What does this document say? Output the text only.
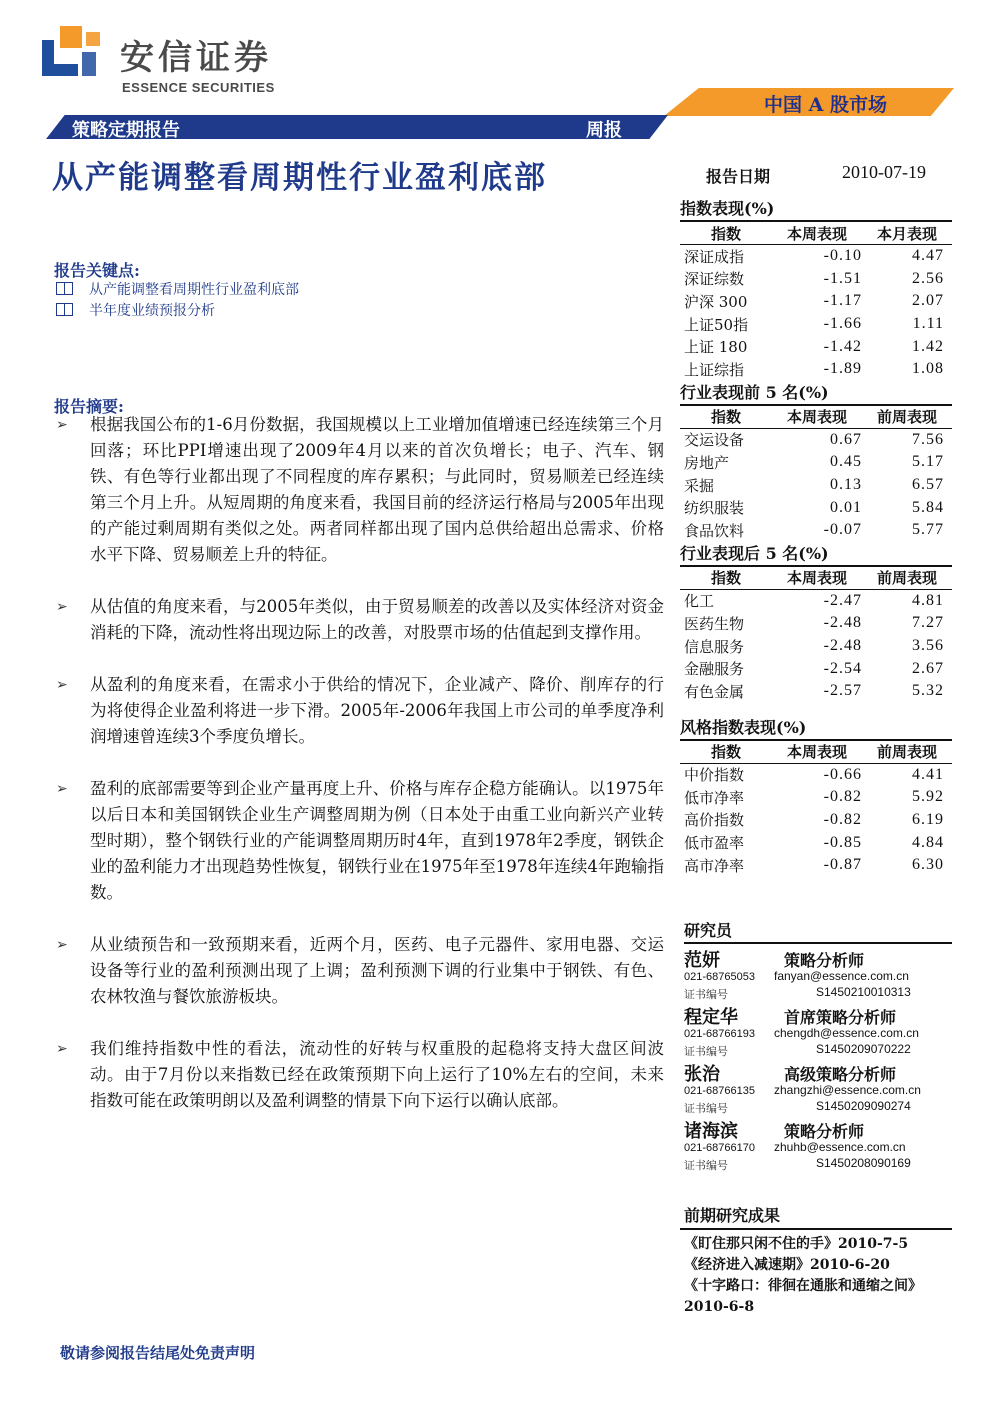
安信证券
ESSENCE SECURITIES
中国 A 股市场
策略定期报告	周报
从产能调整看周期性行业盈利底部	报告日期	2010-07-19
报告关键点:
从产能调整看周期性行业盈利底部
半年度业绩预报分析
报告摘要:
➢ 根据我国公布的1-6月份数据，我国规模以上工业增加值增速已经连续第三个月回落；环比PPI增速出现了2009年4月以来的首次负增长；电子、汽车、钢铁、有色等行业都出现了不同程度的库存累积；与此同时，贸易顺差已经连续第三个月上升。从短周期的角度来看，我国目前的经济运行格局与2005年出现的产能过剩周期有类似之处。两者同样都出现了国内总供给超出总需求、价格水平下降、贸易顺差上升的特征。
➢ 从估值的角度来看，与2005年类似，由于贸易顺差的改善以及实体经济对资金消耗的下降，流动性将出现边际上的改善，对股票市场的估值起到支撑作用。
➢ 从盈利的角度来看，在需求小于供给的情况下，企业减产、降价、削库存的行为将使得企业盈利将进一步下滑。2005年-2006年我国上市公司的单季度净利润增速曾连续3个季度负增长。
➢ 盈利的底部需要等到企业产量再度上升、价格与库存企稳方能确认。以1975年以后日本和美国钢铁企业生产调整周期为例（日本处于由重工业向新兴产业转型时期），整个钢铁行业的产能调整周期历时4年，直到1978年2季度，钢铁企业的盈利能力才出现趋势性恢复，钢铁行业在1975年至1978年连续4年跑输指数。
➢ 从业绩预告和一致预期来看，近两个月，医药、电子元器件、家用电器、交运设备等行业的盈利预测出现了上调；盈利预测下调的行业集中于钢铁、有色、农林牧渔与餐饮旅游板块。
➢ 我们维持指数中性的看法，流动性的好转与权重股的起稳将支持大盘区间波动。由于7月份以来指数已经在政策预期下向上运行了10%左右的空间，未来指数可能在政策明朗以及盈利调整的情景下向下运行以确认底部。
指数表现(%)
指数	本周表现	本月表现
深证成指	-0.10	4.47
深证综数	-1.51	2.56
沪深 300	-1.17	2.07
上证50指	-1.66	1.11
上证 180	-1.42	1.42
上证综指	-1.89	1.08
行业表现前 5 名(%)
指数	本周表现	前周表现
交运设备	0.67	7.56
房地产	0.45	5.17
采掘	0.13	6.57
纺织服装	0.01	5.84
食品饮料	-0.07	5.77
行业表现后 5 名(%)
指数	本周表现	前周表现
化工	-2.47	4.81
医药生物	-2.48	7.27
信息服务	-2.48	3.56
金融服务	-2.54	2.67
有色金属	-2.57	5.32
风格指数表现(%)
指数	本周表现	前周表现
中价指数	-0.66	4.41
低市净率	-0.82	5.92
高价指数	-0.82	6.19
低市盈率	-0.85	4.84
高市净率	-0.87	6.30
研究员
范妍	策略分析师
021-68765053 fanyan@essence.com.cn
证书编号	S1450210010313
程定华	首席策略分析师
021-68766193 chengdh@essence.com.cn
证书编号	S1450209070222
张治	高级策略分析师
021-68766135 zhangzhi@essence.com.cn
证书编号	S1450209090274
诸海滨	策略分析师
021-68766170 zhuhb@essence.com.cn
证书编号	S1450208090169
前期研究成果
《盯住那只闲不住的手》2010-7-5
《经济进入减速期》2010-6-20
《十字路口：徘徊在通胀和通缩之间》2010-6-8
敬请参阅报告结尾处免责声明
